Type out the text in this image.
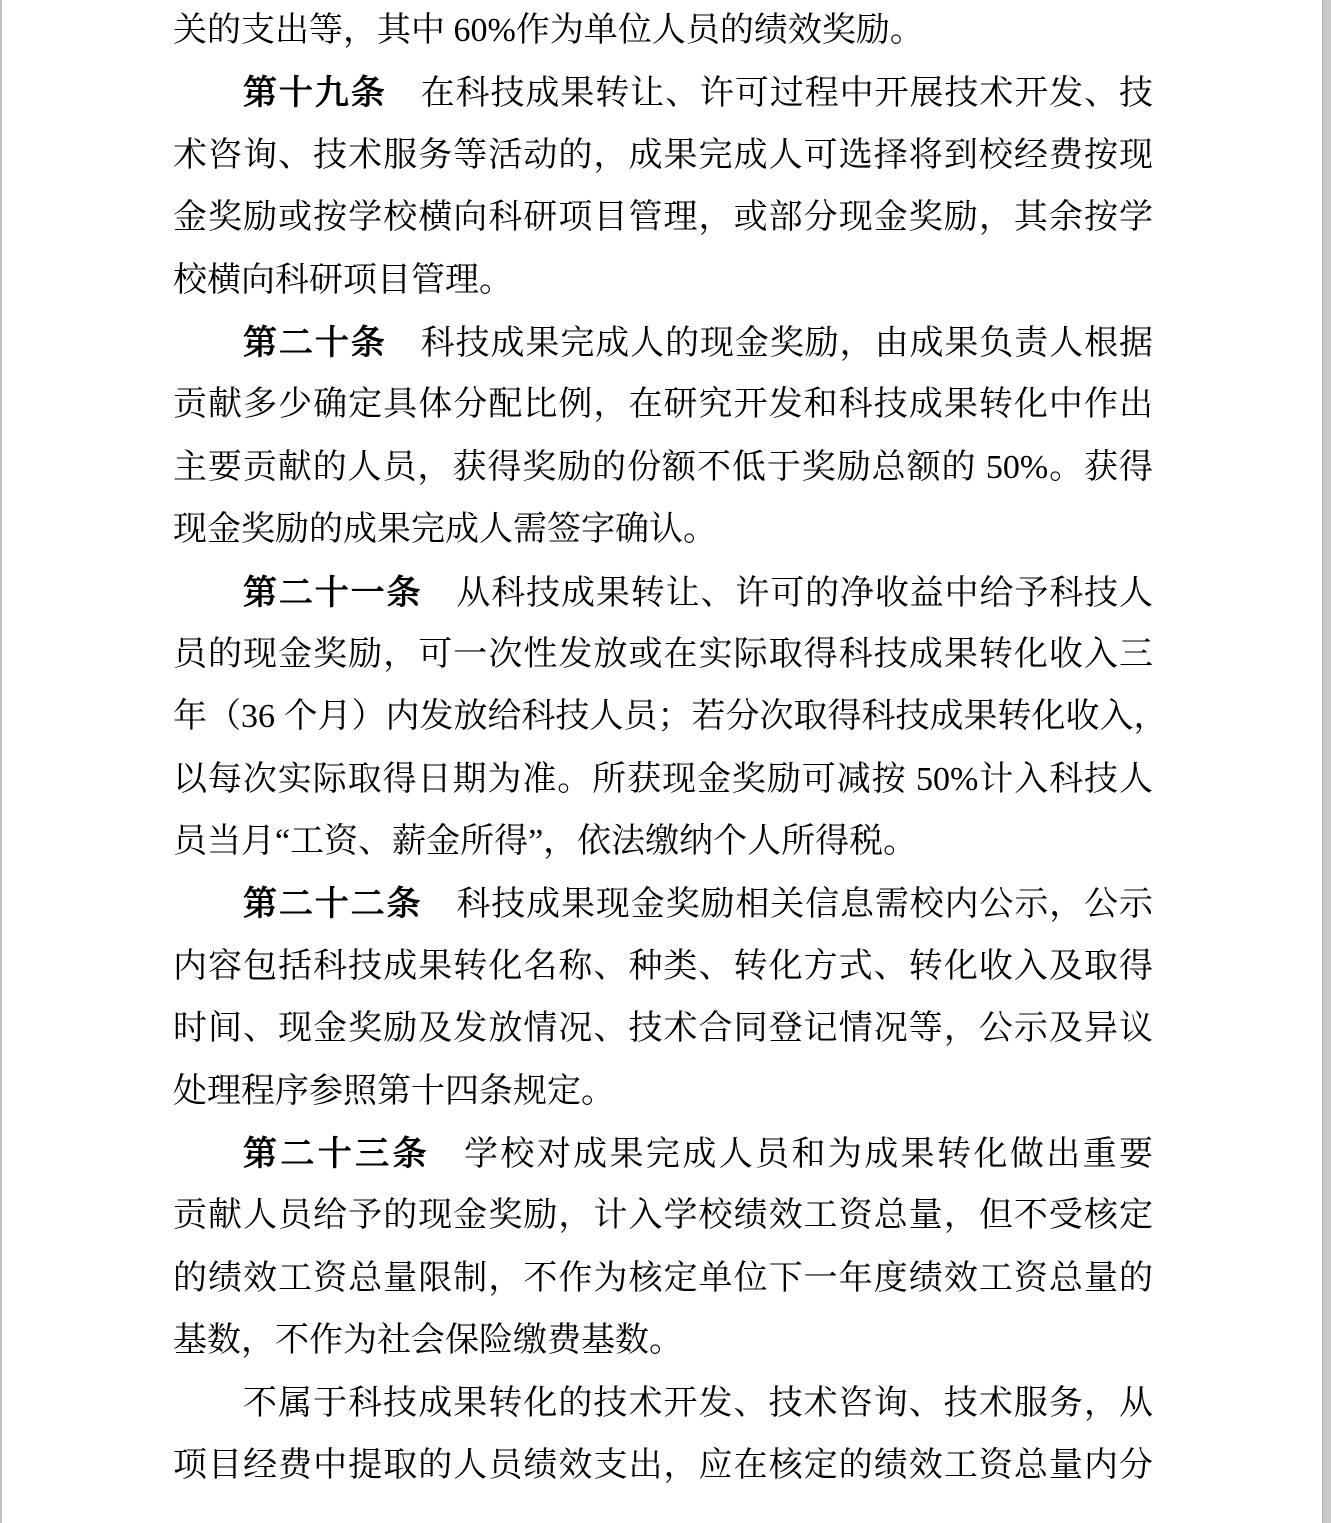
关的支出等，其中 60%作为单位人员的绩效奖励。
第十九条 在科技成果转让、许可过程中开展技术开发、技
术咨询、技术服务等活动的，成果完成人可选择将到校经费按现
金奖励或按学校横向科研项目管理，或部分现金奖励，其余按学
校横向科研项目管理。
第二十条 科技成果完成人的现金奖励，由成果负责人根据
贡献多少确定具体分配比例，在研究开发和科技成果转化中作出
主要贡献的人员，获得奖励的份额不低于奖励总额的 50%。获得
现金奖励的成果完成人需签字确认。
第二十一条 从科技成果转让、许可的净收益中给予科技人
员的现金奖励，可一次性发放或在实际取得科技成果转化收入三
年（36 个月）内发放给科技人员；若分次取得科技成果转化收入，
以每次实际取得日期为准。所获现金奖励可减按 50%计入科技人
员当月“工资、薪金所得”，依法缴纳个人所得税。
第二十二条 科技成果现金奖励相关信息需校内公示，公示
内容包括科技成果转化名称、种类、转化方式、转化收入及取得
时间、现金奖励及发放情况、技术合同登记情况等，公示及异议
处理程序参照第十四条规定。
第二十三条 学校对成果完成人员和为成果转化做出重要
贡献人员给予的现金奖励，计入学校绩效工资总量，但不受核定
的绩效工资总量限制，不作为核定单位下一年度绩效工资总量的
基数，不作为社会保险缴费基数。
不属于科技成果转化的技术开发、技术咨询、技术服务，从
项目经费中提取的人员绩效支出，应在核定的绩效工资总量内分
